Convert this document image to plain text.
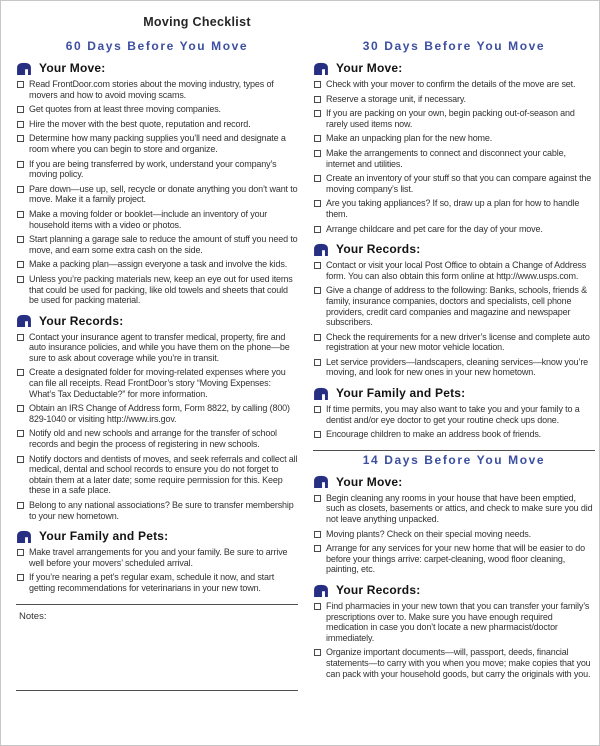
Moving Checklist
60 Days Before You Move
Your Move:
Read FrontDoor.com stories about the moving industry, types of movers and how to avoid moving scams.
Get quotes from at least three moving companies.
Hire the mover with the best quote, reputation and record.
Determine how many packing supplies you’ll need and designate a room where you can begin to store and organize.
If you are being transferred by work, understand your company’s moving policy.
Pare down—use up, sell, recycle or donate anything you don’t want to move. Make it a family project.
Make a moving folder or booklet—include an inventory of your household items with a video or photos.
Start planning a garage sale to reduce the amount of stuff you need to move, and earn some extra cash on the side.
Make a packing plan—assign everyone a task and involve the kids.
Unless you’re packing materials new, keep an eye out for used items that could be used for packing, like old towels and sheets that could be used for packing material.
Your Records:
Contact your insurance agent to transfer medical, property, fire and auto insurance policies, and while you have them on the phone—be sure to ask about coverage while you’re in transit.
Create a designated folder for moving-related expenses where you can file all receipts. Read FrontDoor’s story “Moving Expenses: What’s Tax Deductable?” for more information.
Obtain an IRS Change of Address form, Form 8822, by calling (800) 829-1040 or visiting http://www.irs.gov.
Notify old and new schools and arrange for the transfer of school records and begin the process of registering in new schools.
Notify doctors and dentists of moves, and seek referrals and collect all medical, dental and school records to ensure you do not forget to obtain them at a later date; some require permission for this. Keep these in a safe place.
Belong to any national associations? Be sure to transfer membership to your new hometown.
Your Family and Pets:
Make travel arrangements for you and your family. Be sure to arrive well before your movers’ scheduled arrival.
If you’re nearing a pet’s regular exam, schedule it now, and start getting recommendations for veterinarians in your new town.
Notes:
30 Days Before You Move
Your Move:
Check with your mover to confirm the details of the move are set.
Reserve a storage unit, if necessary.
If you are packing on your own, begin packing out-of-season and rarely used items now.
Make an unpacking plan for the new home.
Make the arrangements to connect and disconnect your cable, internet and utilities.
Create an inventory of your stuff so that you can compare against the moving company’s list.
Are you taking appliances? If so, draw up a plan for how to handle them.
Arrange childcare and pet care for the day of your move.
Your Records:
Contact or visit your local Post Office to obtain a Change of Address form. You can also obtain this form online at http://www.usps.com.
Give a change of address to the following: Banks, schools, friends & family, insurance companies, doctors and specialists, cell phone providers, credit card companies and magazine and newspaper subscribers.
Check the requirements for a new driver’s license and complete auto registration at your new motor vehicle location.
Let service providers—landscapers, cleaning services—know you’re moving, and look for new ones in your new hometown.
Your Family and Pets:
If time permits, you may also want to take you and your family to a dentist and/or eye doctor to get your routine check ups done.
Encourage children to make an address book of friends.
14 Days Before You Move
Your Move:
Begin cleaning any rooms in your house that have been emptied, such as closets, basements or attics, and check to make sure you did not leave anything unpacked.
Moving plants? Check on their special moving needs.
Arrange for any services for your new home that will be easier to do before your things arrive: carpet-cleaning, wood floor cleaning, painting, etc.
Your Records:
Find pharmacies in your new town that you can transfer your family’s prescriptions over to. Make sure you have enough required medication in case you don’t locate a new pharmacist/doctor immediately.
Organize important documents—will, passport, deeds, financial statements—to carry with you when you move; make copies that you can pack with your household goods, but carry the originals with you.
